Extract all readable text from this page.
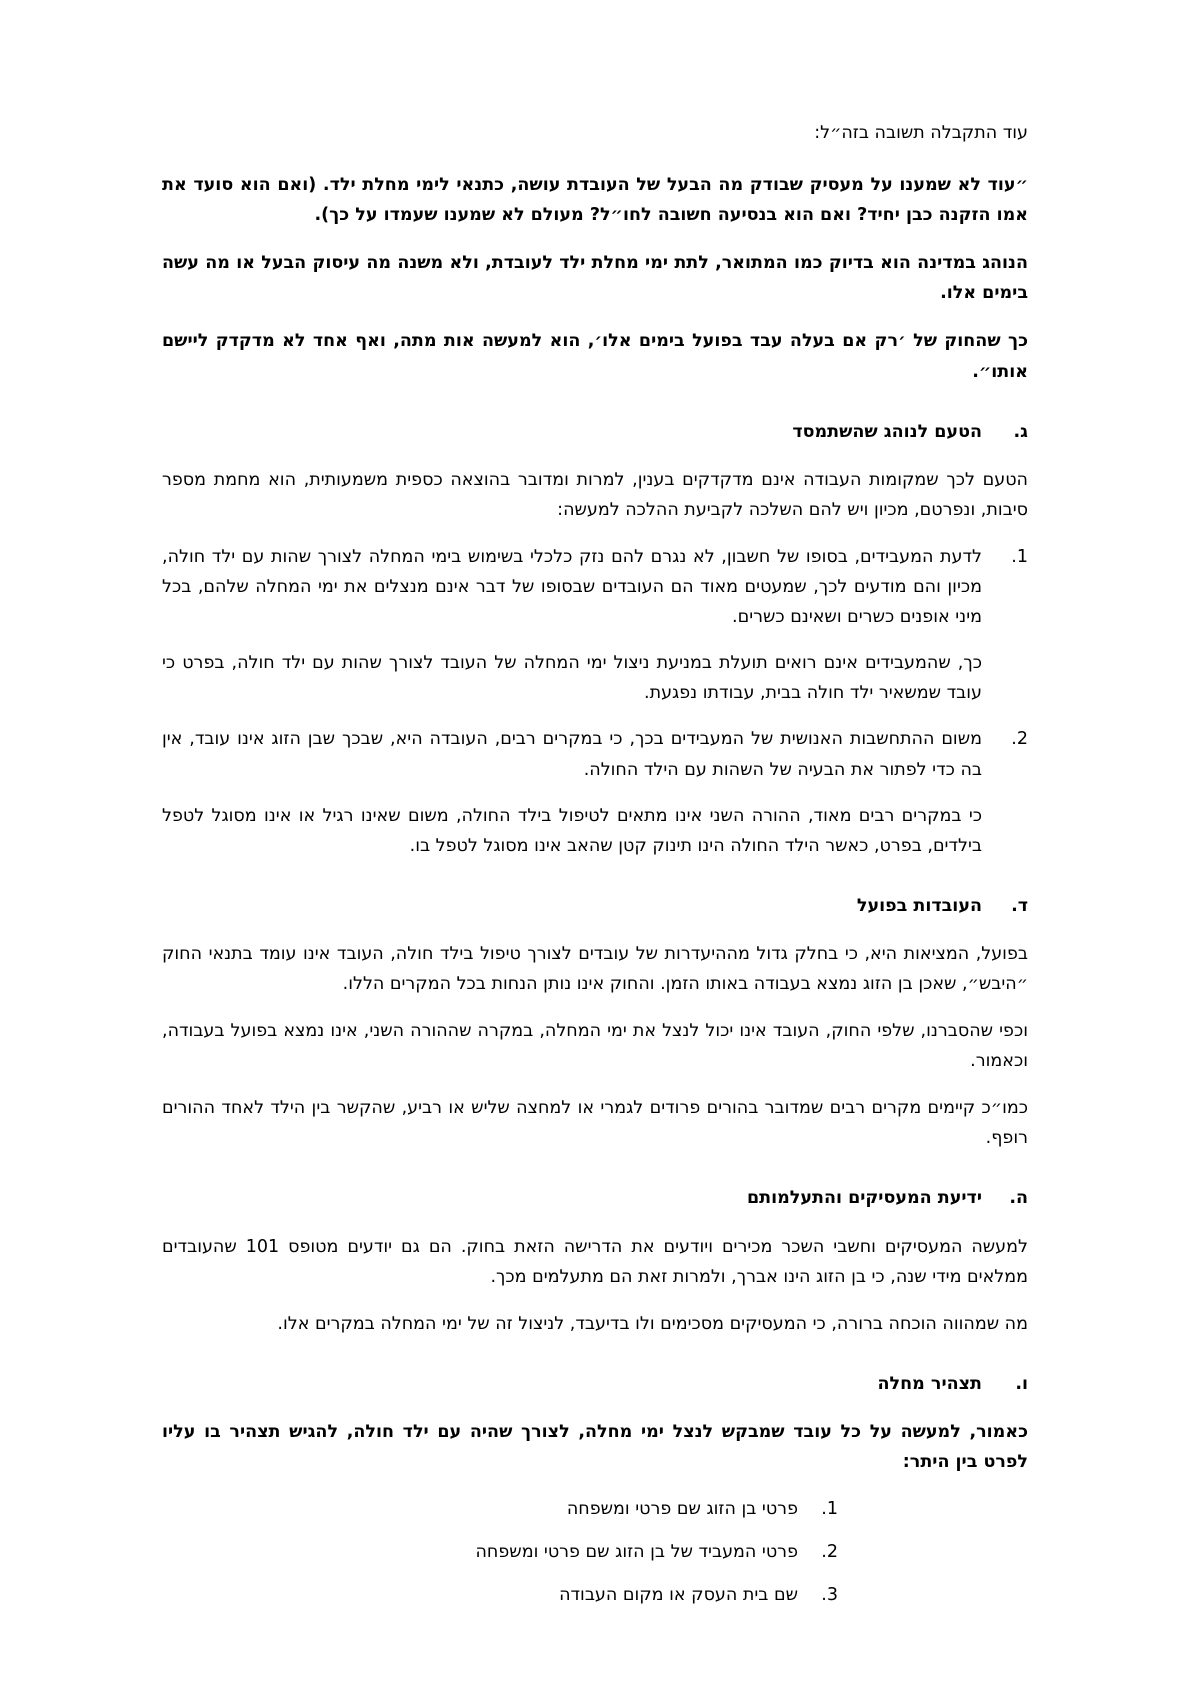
עוד התקבלה תשובה בזה״ל:

״עוד לא שמענו על מעסיק שבודק מה הבעל של העובדת עושה, כתנאי לימי מחלת ילד. (ואם הוא סועד את אמו הזקנה כבן יחיד? ואם הוא בנסיעה חשובה לחו״ל? מעולם לא שמענו שעמדו על כך).

הנוהג במדינה הוא בדיוק כמו המתואר, לתת ימי מחלת ילד לעובדת, ולא משנה מה עיסוק הבעל או מה עשה בימים אלו.

כך שהחוק של ׳רק אם בעלה עבד בפועל בימים אלו׳, הוא למעשה אות מתה, ואף אחד לא מדקדק ליישם אותו״.

ג.
הטעם לנוהג שהשתמסד

הטעם לכך שמקומות העבודה אינם מדקדקים בענין, למרות ומדובר בהוצאה כספית משמעותית, הוא מחמת מספר סיבות, ונפרטם, מכיון ויש להם השלכה לקביעת ההלכה למעשה:

1.
לדעת המעבידים, בסופו של חשבון, לא נגרם להם נזק כלכלי בשימוש בימי המחלה לצורך שהות עם ילד חולה, מכיון והם מודעים לכך, שמעטים מאוד הם העובדים שבסופו של דבר אינם מנצלים את ימי המחלה שלהם, בכל מיני אופנים כשרים ושאינם כשרים.

כך, שהמעבידים אינם רואים תועלת במניעת ניצול ימי המחלה של העובד לצורך שהות עם ילד חולה, בפרט כי עובד שמשאיר ילד חולה בבית, עבודתו נפגעת.

2.
משום ההתחשבות האנושית של המעבידים בכך, כי במקרים רבים, העובדה היא, שבכך שבן הזוג אינו עובד, אין בה כדי לפתור את הבעיה של השהות עם הילד החולה.

כי במקרים רבים מאוד, ההורה השני אינו מתאים לטיפול בילד החולה, משום שאינו רגיל או אינו מסוגל לטפל בילדים, בפרט, כאשר הילד החולה הינו תינוק קטן שהאב אינו מסוגל לטפל בו.

ד.
העובדות בפועל

בפועל, המציאות היא, כי בחלק גדול מההיעדרות של עובדים לצורך טיפול בילד חולה, העובד אינו עומד בתנאי החוק ״היבש״, שאכן בן הזוג נמצא בעבודה באותו הזמן. והחוק אינו נותן הנחות בכל המקרים הללו.

וכפי שהסברנו, שלפי החוק, העובד אינו יכול לנצל את ימי המחלה, במקרה שההורה השני, אינו נמצא בפועל בעבודה, וכאמור.

כמו״כ קיימים מקרים רבים שמדובר בהורים פרודים לגמרי או למחצה שליש או רביע, שהקשר בין הילד לאחד ההורים רופף.

ה.
ידיעת המעסיקים והתעלמותם

למעשה המעסיקים וחשבי השכר מכירים ויודעים את הדרישה הזאת בחוק. הם גם יודעים מטופס 101 שהעובדים ממלאים מידי שנה, כי בן הזוג הינו אברך, ולמרות זאת הם מתעלמים מכך.

מה שמהווה הוכחה ברורה, כי המעסיקים מסכימים ולו בדיעבד, לניצול זה של ימי המחלה במקרים אלו.

ו.
תצהיר מחלה

כאמור, למעשה על כל עובד שמבקש לנצל ימי מחלה, לצורך שהיה עם ילד חולה, להגיש תצהיר בו עליו לפרט בין היתר:

1.
פרטי בן הזוג שם פרטי ומשפחה
2.
פרטי המעביד של בן הזוג שם פרטי ומשפחה
3.
שם בית העסק או מקום העבודה
